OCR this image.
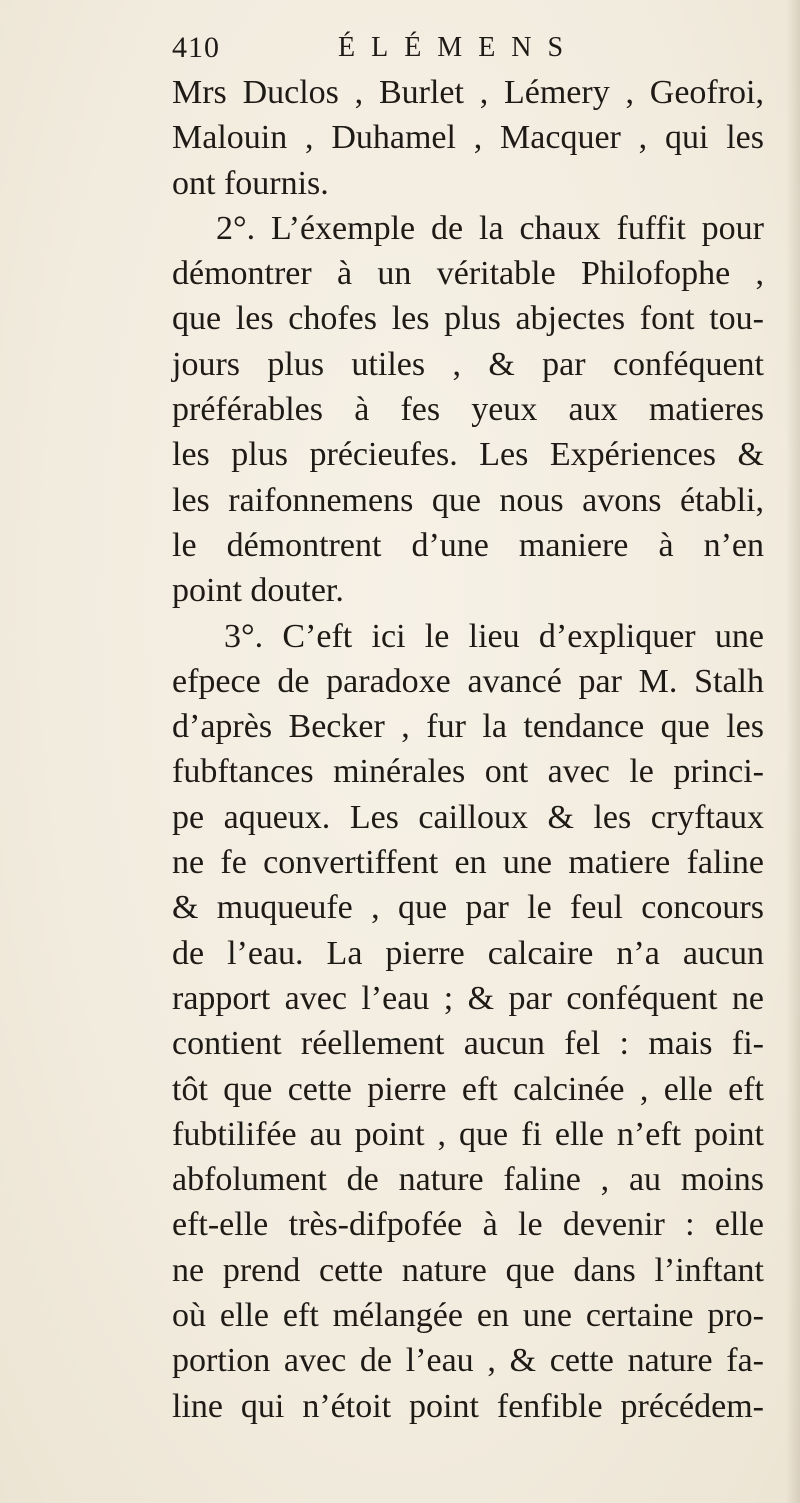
410	ÉLÉMENS
Mrs Duclos , Burlet , Lémery , Geofroi,
Malouin , Duhamel , Macquer , qui les
ont fournis.
2°. L’éxemple de la chaux fuffit pour
démontrer à un véritable Philofophe ,
que les chofes les plus abjectes font tou-
jours plus utiles , & par conféquent
préférables à fes yeux aux matieres
les plus précieufes. Les Expériences &
les raifonnemens que nous avons établi,
le démontrent d’une maniere à n’en
point douter.
3°. C’eft ici le lieu d’expliquer une
efpece de paradoxe avancé par M. Stalh
d’après Becker , fur la tendance que les
fubftances minérales ont avec le princi-
pe aqueux. Les cailloux & les cryftaux
ne fe convertiffent en une matiere faline
& muqueufe , que par le feul concours
de l’eau. La pierre calcaire n’a aucun
rapport avec l’eau ; & par conféquent ne
contient réellement aucun fel : mais fi-
tôt que cette pierre eft calcinée , elle eft
fubtilifée au point , que fi elle n’eft point
abfolument de nature faline , au moins
eft-elle très-difpofée à le devenir : elle
ne prend cette nature que dans l’inftant
où elle eft mélangée en une certaine pro-
portion avec de l’eau , & cette nature fa-
line qui n’étoit point fenfible précédem-
